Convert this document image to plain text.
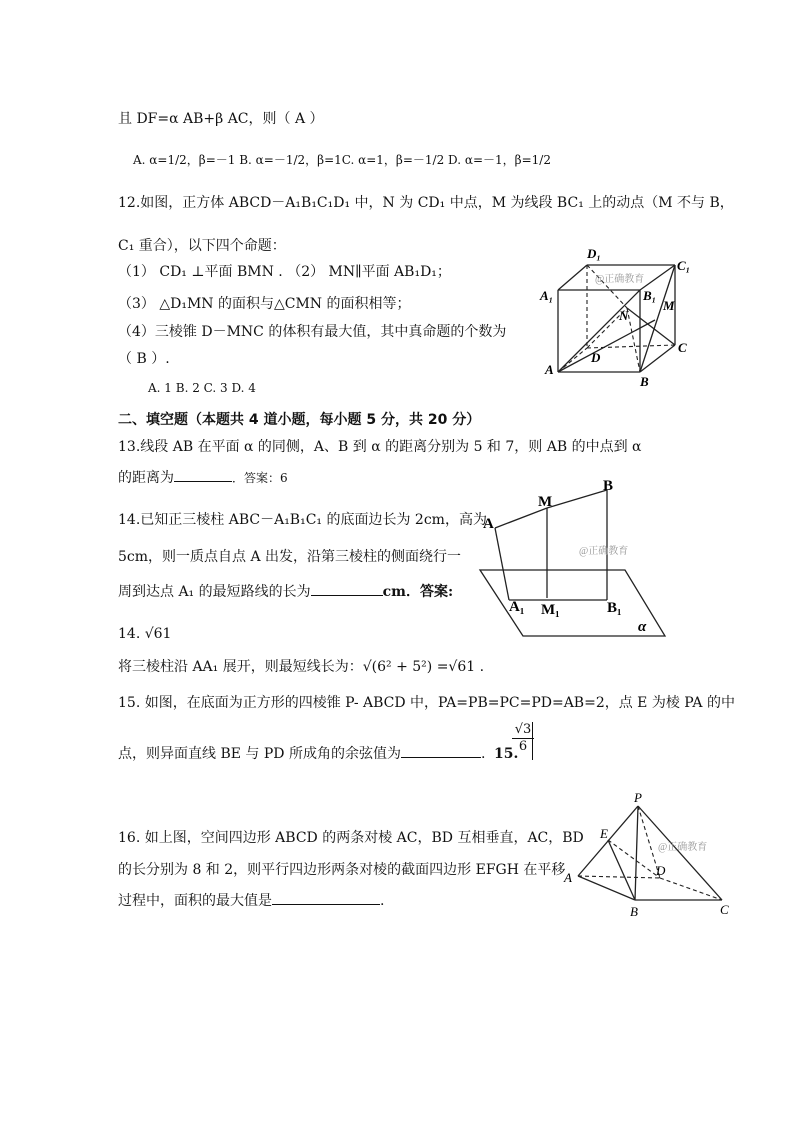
且 DF=α AB+β AC，则（ A ）
A. α=1/2，β=－1 B. α=－1/2，β=1C. α=1，β=－1/2 D. α=－1，β=1/2
12.如图，正方体 ABCD－A₁B₁C₁D₁ 中，N 为 CD₁ 中点，M 为线段 BC₁ 上的动点（M 不与 B，
C₁ 重合），以下四个命题：
（1） CD₁ ⊥平面 BMN . （2） MN∥平面 AB₁D₁；
（3） △D₁MN 的面积与△CMN 的面积相等；
（4）三棱锥 D－MNC 的体积有最大值，其中真命题的个数为
（ B ）.
A. 1 B. 2 C. 3 D. 4
D₁
C₁
A₁	B₁
M
N
D
C
A
B
@正确教育
二、填空题（本题共 4 道小题，每小题 5 分，共 20 分）
13.线段 AB 在平面 α 的同侧，A、B 到 α 的距离分别为 5 和 7，则 AB 的中点到 α
的距离为	．答案：6
A
M
B
A₁ M₁	B₁
α
@正确教育
14.已知正三棱柱 ABC－A₁B₁C₁ 的底面边长为 2cm，高为
5cm，则一质点自点 A 出发，沿第三棱柱的侧面绕行一
周到达点 A₁ 的最短路线的长为	cm．答案:
14. √61
将三棱柱沿 AA₁ 展开，则最短线长为：√(6² + 5²) =√61 .
15. 如图，在底面为正方形的四棱锥 P- ABCD 中，PA=PB=PC=PD=AB=2，点 E 为棱 PA 的中
点，则异面直线 BE 与 PD 所成角的余弦值为	. 15.
$\frac{√3}{6}$
16. 如上图，空间四边形 ABCD 的两条对棱 AC，BD 互相垂直，AC，BD
的长分别为 8 和 2，则平行四边形两条对棱的截面四边形 EFGH 在平移
过程中，面积的最大值是	.
P
E
D
A
B	C
@正确教育
